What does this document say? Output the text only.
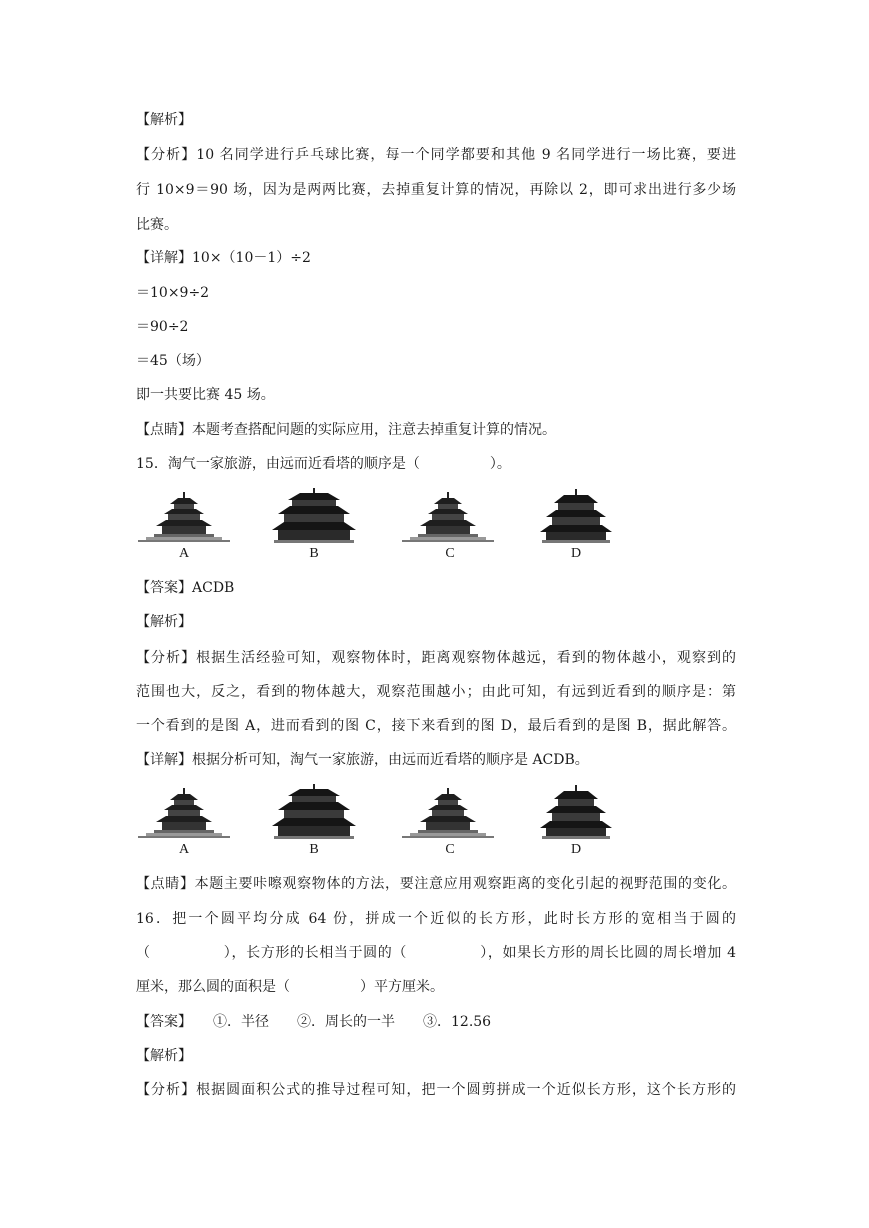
【解析】
【分析】10 名同学进行乒乓球比赛，每一个同学都要和其他 9 名同学进行一场比赛，要进
行 10×9＝90 场，因为是两两比赛，去掉重复计算的情况，再除以 2，即可求出进行多少场
比赛。
【详解】10×（10－1）÷2
＝10×9÷2
＝90÷2
＝45（场）
即一共要比赛 45 场。
【点睛】本题考查搭配问题的实际应用，注意去掉重复计算的情况。
15．淘气一家旅游，由远而近看塔的顺序是（　　　　　）。
A	B	C	D
【答案】ACDB
【解析】
【分析】根据生活经验可知，观察物体时，距离观察物体越远，看到的物体越小，观察到的
范围也大，反之，看到的物体越大，观察范围越小；由此可知，有远到近看到的顺序是：第
一个看到的是图 A，进而看到的图 C，接下来看到的图 D，最后看到的是图 B，据此解答。
【详解】根据分析可知，淘气一家旅游，由远而近看塔的顺序是 ACDB。
A	B	C	D
【点睛】本题主要咔嚓观察物体的方法，要注意应用观察距离的变化引起的视野范围的变化。
16．把一个圆平均分成 64 份，拼成一个近似的长方形，此时长方形的宽相当于圆的
（　　　　　），长方形的长相当于圆的（　　　　　），如果长方形的周长比圆的周长增加 4
厘米，那么圆的面积是（　　　　　）平方厘米。
【答案】　　①．半径　　②．周长的一半　　③．12.56
【解析】
【分析】根据圆面积公式的推导过程可知，把一个圆剪拼成一个近似长方形，这个长方形的
